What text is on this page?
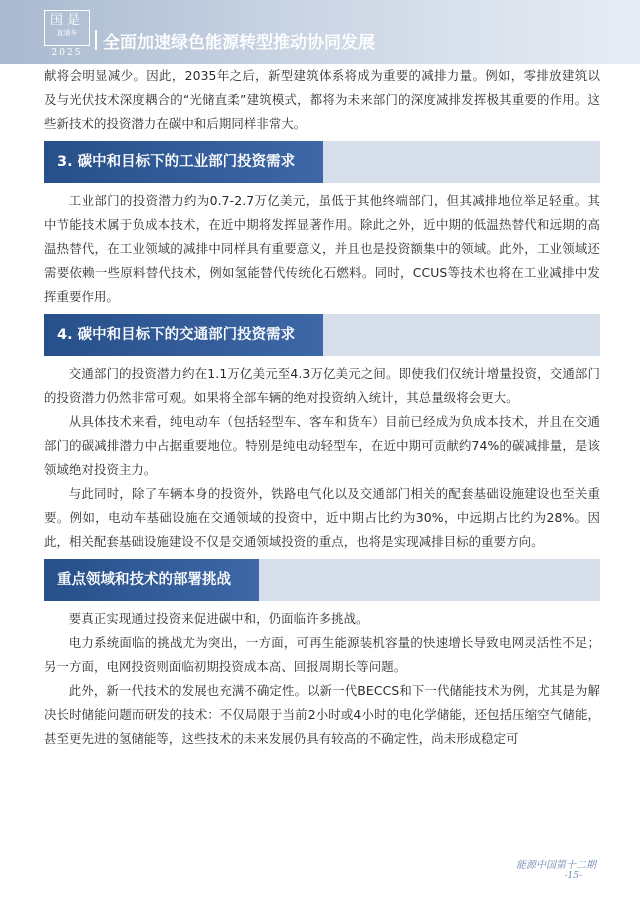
国是
直通车
2025	全面加速绿色能源转型推动协同发展

献将会明显减少。因此，2035年之后，新型建筑体系将成为重要的减排力量。例如，零排放建筑以及与光伏技术深度耦合的“光储直柔”建筑模式，都将为未来部门的深度减排发挥极其重要的作用。这些新技术的投资潜力在碳中和后期同样非常大。

3. 碳中和目标下的工业部门投资需求

工业部门的投资潜力约为0.7-2.7万亿美元，虽低于其他终端部门，但其减排地位举足轻重。其中节能技术属于负成本技术，在近中期将发挥显著作用。除此之外，近中期的低温热替代和远期的高温热替代，在工业领域的减排中同样具有重要意义，并且也是投资额集中的领域。此外，工业领域还需要依赖一些原料替代技术，例如氢能替代传统化石燃料。同时，CCUS等技术也将在工业减排中发挥重要作用。

4. 碳中和目标下的交通部门投资需求

交通部门的投资潜力约在1.1万亿美元至4.3万亿美元之间。即使我们仅统计增量投资，交通部门的投资潜力仍然非常可观。如果将全部车辆的绝对投资纳入统计，其总量级将会更大。

从具体技术来看，纯电动车（包括轻型车、客车和货车）目前已经成为负成本技术，并且在交通部门的碳减排潜力中占据重要地位。特别是纯电动轻型车，在近中期可贡献约74%的碳减排量，是该领域绝对投资主力。

与此同时，除了车辆本身的投资外，铁路电气化以及交通部门相关的配套基础设施建设也至关重要。例如，电动车基础设施在交通领域的投资中，近中期占比约为30%，中远期占比约为28%。因此，相关配套基础设施建设不仅是交通领域投资的重点，也将是实现减排目标的重要方向。

重点领域和技术的部署挑战

要真正实现通过投资来促进碳中和，仍面临许多挑战。

电力系统面临的挑战尤为突出，一方面，可再生能源装机容量的快速增长导致电网灵活性不足；另一方面，电网投资则面临初期投资成本高、回报周期长等问题。

此外，新一代技术的发展也充满不确定性。以新一代BECCS和下一代储能技术为例，尤其是为解决长时储能问题而研发的技术：不仅局限于当前2小时或4小时的电化学储能，还包括压缩空气储能，甚至更先进的氢储能等，这些技术的未来发展仍具有较高的不确定性，尚未形成稳定可

能源中国第十二期
-15-
